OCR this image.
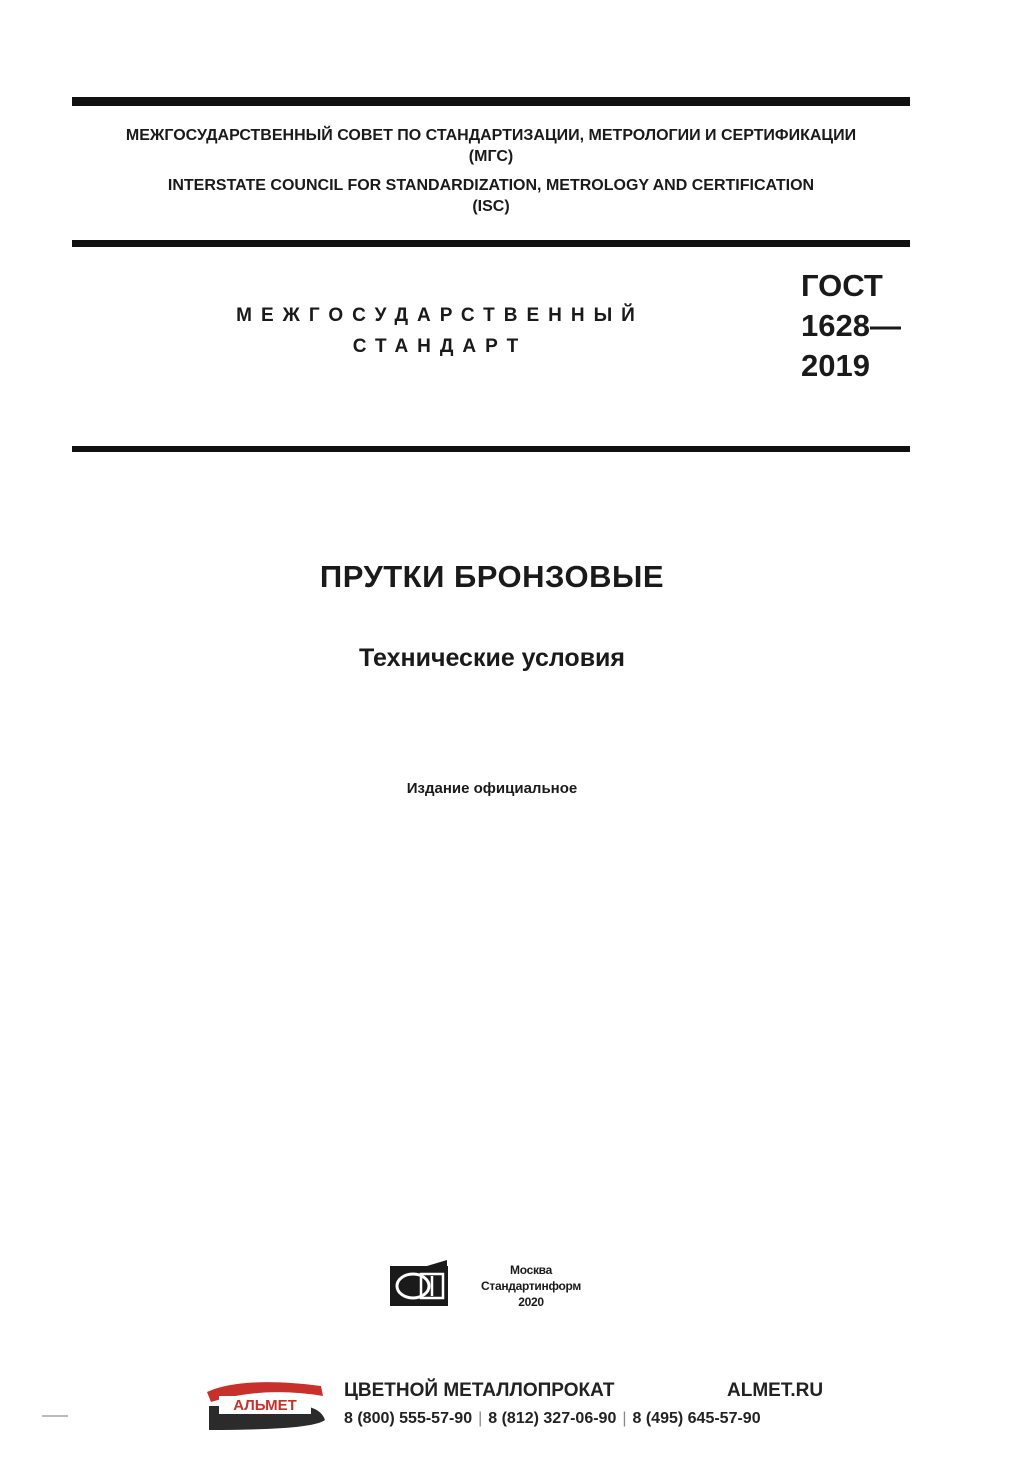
МЕЖГОСУДАРСТВЕННЫЙ СОВЕТ ПО СТАНДАРТИЗАЦИИ, МЕТРОЛОГИИ И СЕРТИФИКАЦИИ
(МГС)
INTERSTATE COUNCIL FOR STANDARDIZATION, METROLOGY AND CERTIFICATION
(ISC)
МЕЖГОСУДАРСТВЕННЫЙ
СТАНДАРТ
ГОСТ
1628—
2019
ПРУТКИ БРОНЗОВЫЕ
Технические условия
Издание официальное
Москва
Стандартинформ
2020
АЛЬМЕТ
ЦВЕТНОЙ МЕТАЛЛОПРОКАТ	ALMET.RU
8 (800) 555-57-90 | 8 (812) 327-06-90 | 8 (495) 645-57-90
